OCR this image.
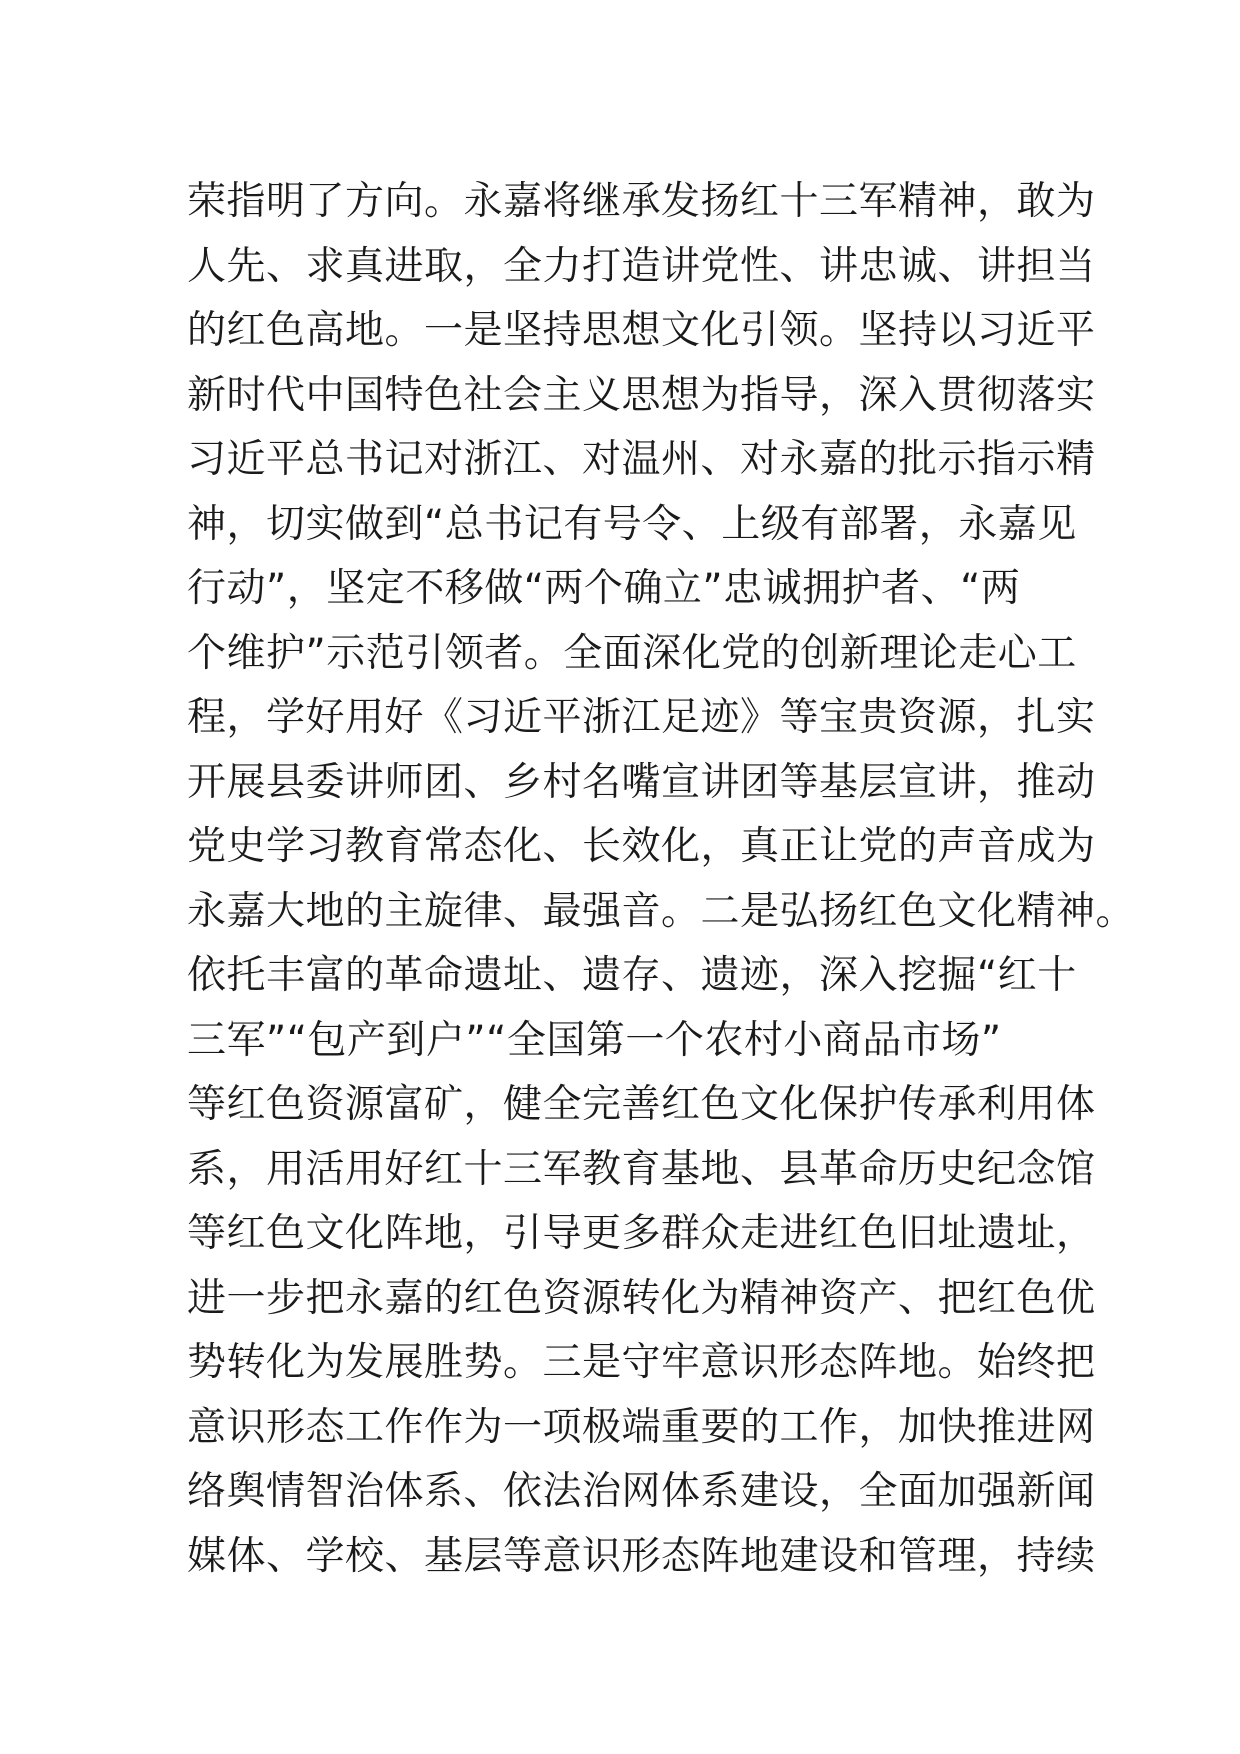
荣指明了方向。永嘉将继承发扬红十三军精神，敢为
人先、求真进取，全力打造讲党性、讲忠诚、讲担当
的红色高地。一是坚持思想文化引领。坚持以习近平
新时代中国特色社会主义思想为指导，深入贯彻落实
习近平总书记对浙江、对温州、对永嘉的批示指示精
神，切实做到“总书记有号令、上级有部署，永嘉见
行动”，坚定不移做“两个确立”忠诚拥护者、“两
个维护”示范引领者。全面深化党的创新理论走心工
程，学好用好《习近平浙江足迹》等宝贵资源，扎实
开展县委讲师团、乡村名嘴宣讲团等基层宣讲，推动
党史学习教育常态化、长效化，真正让党的声音成为
永嘉大地的主旋律、最强音。二是弘扬红色文化精神。
依托丰富的革命遗址、遗存、遗迹，深入挖掘“红十
三军”“包产到户”“全国第一个农村小商品市场”
等红色资源富矿，健全完善红色文化保护传承利用体
系，用活用好红十三军教育基地、县革命历史纪念馆
等红色文化阵地，引导更多群众走进红色旧址遗址，
进一步把永嘉的红色资源转化为精神资产、把红色优
势转化为发展胜势。三是守牢意识形态阵地。始终把
意识形态工作作为一项极端重要的工作，加快推进网
络舆情智治体系、依法治网体系建设，全面加强新闻
媒体、学校、基层等意识形态阵地建设和管理，持续
